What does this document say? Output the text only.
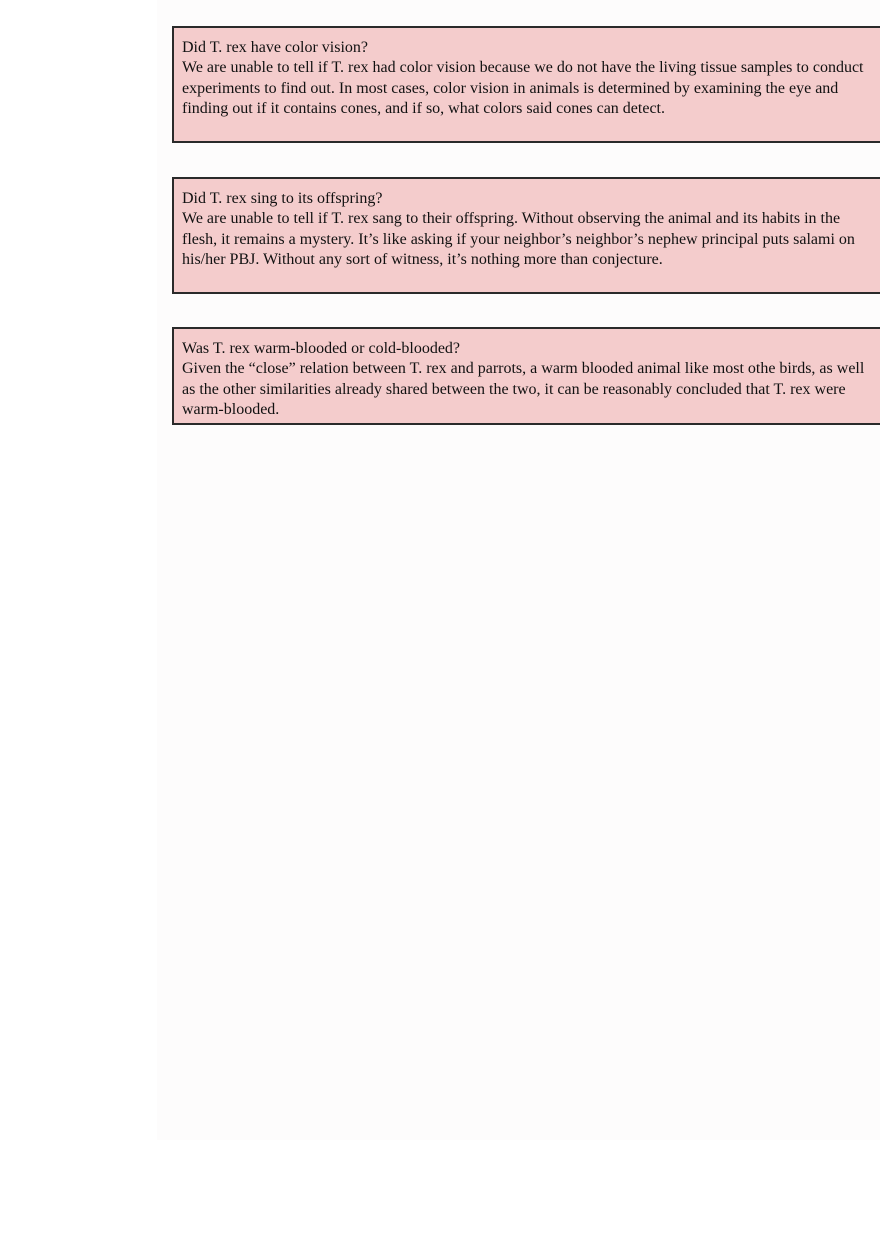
Did T. rex have color vision?

We are unable to tell if T. rex had color vision because we do not have the living tissue samples to conduct experiments to find out. In most cases, color vision in animals is determined by examining the eye and finding out if it contains cones, and if so, what colors said cones can detect.

Did T. rex sing to its offspring?

We are unable to tell if T. rex sang to their offspring. Without observing the animal and its habits in the flesh, it remains a mystery. It’s like asking if your neighbor’s neighbor’s nephew principal puts salami on his/her PBJ. Without any sort of witness, it’s nothing more than conjecture.

Was T. rex warm-blooded or cold-blooded?

Given the “close” relation between T. rex and parrots, a warm blooded animal like most othe birds, as well as the other similarities already shared between the two, it can be reasonably concluded that T. rex were warm-blooded.
